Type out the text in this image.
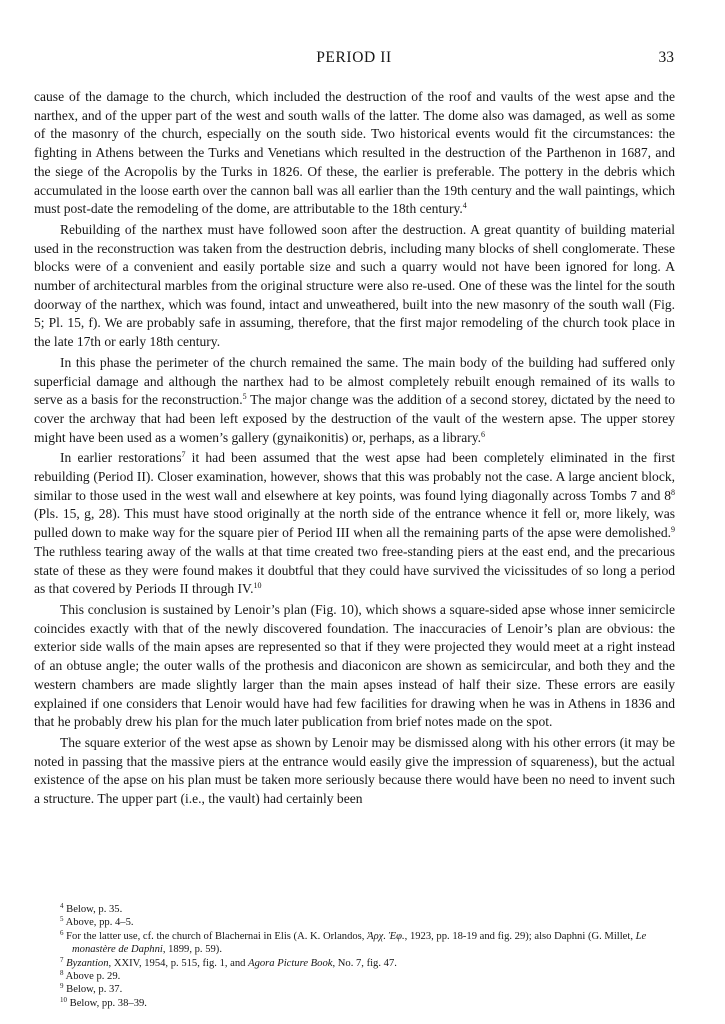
PERIOD II	33

cause of the damage to the church, which included the destruction of the roof and vaults of the west apse and the narthex, and of the upper part of the west and south walls of the latter. The dome also was damaged, as well as some of the masonry of the church, especially on the south side. Two historical events would fit the circumstances: the fighting in Athens between the Turks and Venetians which resulted in the destruction of the Parthenon in 1687, and the siege of the Acropolis by the Turks in 1826. Of these, the earlier is preferable. The pottery in the debris which accumulated in the loose earth over the cannon ball was all earlier than the 19th century and the wall paintings, which must post-date the remodeling of the dome, are attributable to the 18th century.$^4$

Rebuilding of the narthex must have followed soon after the destruction. A great quantity of building material used in the reconstruction was taken from the destruction debris, including many blocks of shell conglomerate. These blocks were of a convenient and easily portable size and such a quarry would not have been ignored for long. A number of architectural marbles from the original structure were also re-used. One of these was the lintel for the south doorway of the narthex, which was found, intact and unweathered, built into the new masonry of the south wall (Fig. 5; Pl. 15, f). We are probably safe in assuming, therefore, that the first major remodeling of the church took place in the late 17th or early 18th century.

In this phase the perimeter of the church remained the same. The main body of the building had suffered only superficial damage and although the narthex had to be almost completely rebuilt enough remained of its walls to serve as a basis for the reconstruction.$^5$ The major change was the addition of a second storey, dictated by the need to cover the archway that had been left exposed by the destruction of the vault of the western apse. The upper storey might have been used as a women’s gallery (gynaikonitis) or, perhaps, as a library.$^6$

In earlier restorations$^7$ it had been assumed that the west apse had been completely eliminated in the first rebuilding (Period II). Closer examination, however, shows that this was probably not the case. A large ancient block, similar to those used in the west wall and elsewhere at key points, was found lying diagonally across Tombs 7 and $8^8$ (Pls. 15, g, 28). This must have stood originally at the north side of the entrance whence it fell or, more likely, was pulled down to make way for the square pier of Period III when all the remaining parts of the apse were demolished.$^9$ The ruthless tearing away of the walls at that time created two free-standing piers at the east end, and the precarious state of these as they were found makes it doubtful that they could have survived the vicissitudes of so long a period as that covered by Periods II through IV.$^{10}$

This conclusion is sustained by Lenoir’s plan (Fig. 10), which shows a square-sided apse whose inner semicircle coincides exactly with that of the newly discovered foundation. The inaccuracies of Lenoir’s plan are obvious: the exterior side walls of the main apses are represented so that if they were projected they would meet at a right instead of an obtuse angle; the outer walls of the prothesis and diaconicon are shown as semicircular, and both they and the western chambers are made slightly larger than the main apses instead of half their size. These errors are easily explained if one considers that Lenoir would have had few facilities for drawing when he was in Athens in 1836 and that he probably drew his plan for the much later publication from brief notes made on the spot.

The square exterior of the west apse as shown by Lenoir may be dismissed along with his other errors (it may be noted in passing that the massive piers at the entrance would easily give the impression of squareness), but the actual existence of the apse on his plan must be taken more seriously because there would have been no need to invent such a structure. The upper part (i.e., the vault) had certainly been

$^4$ Below, p. 35.

$^5$ Above, pp. 4–5.

$^6$ For the latter use, cf. the church of Blachernai in Elis (A. K. Orlandos, Ἀρχ. Ἐφ., 1923, pp. 18-19 and fig. 29); also Daphni (G. Millet, Le monastère de Daphni, 1899, p. 59).

$^7$ Byzantion, XXIV, 1954, p. 515, fig. 1, and Agora Picture Book, No. 7, fig. 47.

$^8$ Above p. 29.

$^9$ Below, p. 37.

$^{10}$ Below, pp. 38–39.
